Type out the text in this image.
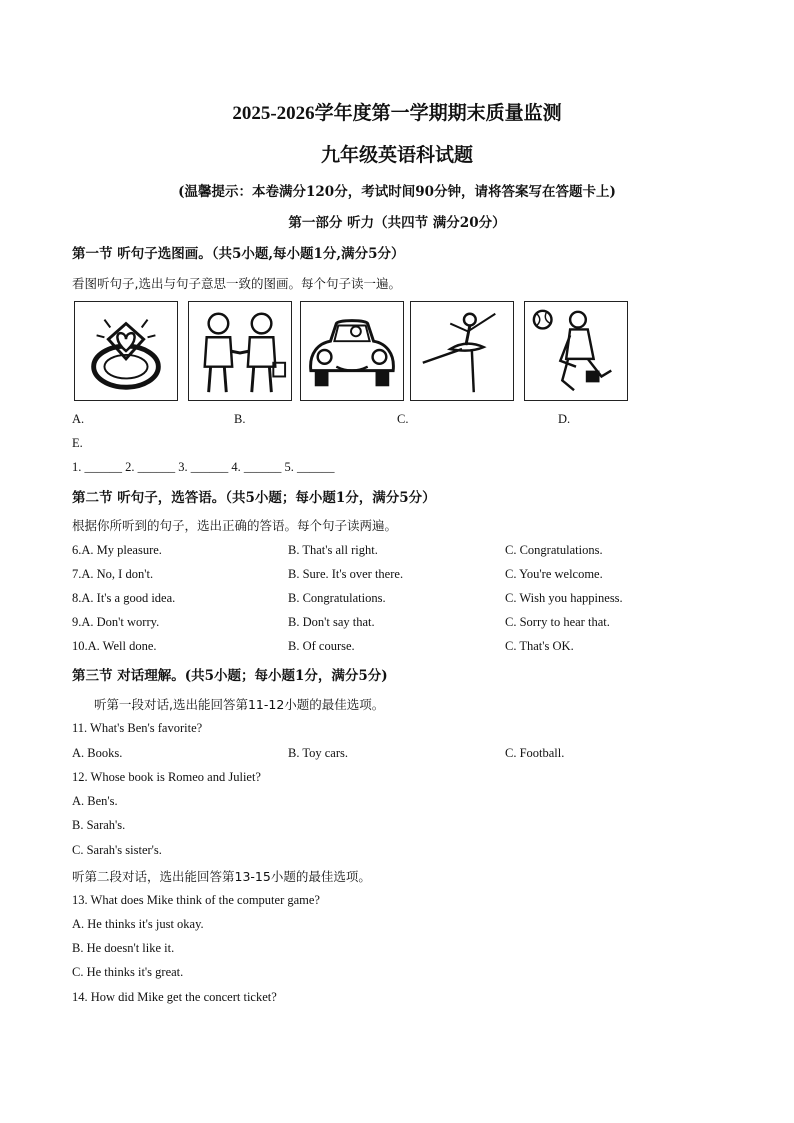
2025-2026学年度第一学期期末质量监测
九年级英语科试题
(温馨提示：本卷满分120分，考试时间90分钟，请将答案写在答题卡上)
第一部分 听力（共四节 满分20分）
第一节 听句子选图画。（共5小题,每小题1分,满分5分）
看图听句子,选出与句子意思一致的图画。每个句子读一遍。
A.	B.	C.	D.
E.
1. ______ 2. ______ 3. ______ 4. ______ 5. ______
第二节 听句子，选答语。（共5小题；每小题1分，满分5分）
根据你所听到的句子，选出正确的答语。每个句子读两遍。
6.A. My pleasure.	B. That's all right.	C. Congratulations.
7.A. No, I don't.	B. Sure. It's over there.	C. You're welcome.
8.A. It's a good idea.	B. Congratulations.	C. Wish you happiness.
9.A. Don't worry.	B. Don't say that.	C. Sorry to hear that.
10.A. Well done.	B. Of course.	C. That's OK.
第三节 对话理解。(共5小题；每小题1分，满分5分)
听第一段对话,选出能回答第11-12小题的最佳选项。
11. What's Ben's favorite?
A. Books.	B. Toy cars.	C. Football.
12. Whose book is Romeo and Juliet?
A. Ben's.
B. Sarah's.
C. Sarah's sister's.
听第二段对话，选出能回答第13-15小题的最佳选项。
13. What does Mike think of the computer game?
A. He thinks it's just okay.
B. He doesn't like it.
C. He thinks it's great.
14. How did Mike get the concert ticket?
